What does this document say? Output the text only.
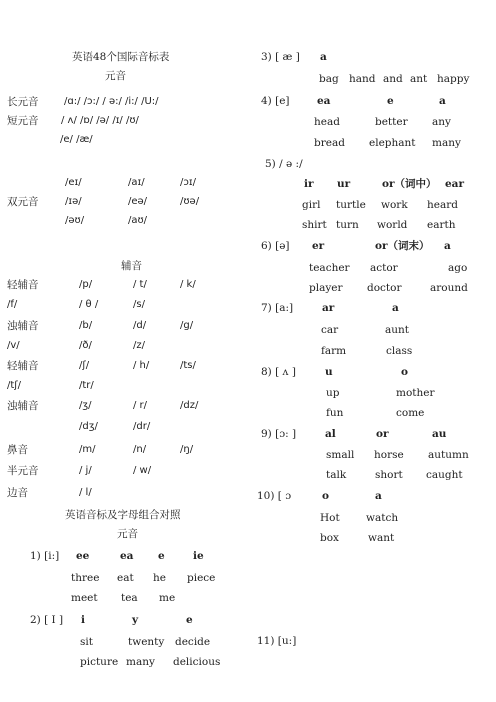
英语48个国际音标表
元音
长元音	/ɑ:/ /ɔ:/ / ə:/ /i:/ /U:/
短元音 / ʌ/ /ɒ/ /ə/ /ɪ/ /ʊ/
/e/ /æ/
/eɪ/	/aɪ/	/ɔɪ/
双元音	/ɪə/	/eə/	/ʊə/
/əʊ/	/aʊ/
辅音
轻辅音	/p/	/ t/	/ k/
/f/	/ θ /	/s/
浊辅音	/b/	/d/	/g/
/v/	/ð/	/z/
轻辅音	/ʃ/	/ h/	/ts/
/tʃ/	/tr/
浊辅音	/ʒ/	/ r/	/dz/
/dʒ/	/dr/
鼻音	/m/	/n/	/ŋ/
半元音	/ j/	/ w/
边音	/ l/
英语音标及字母组合对照
元音
1) [i:] ee	ea e	ie
three eat he piece
meet tea me
2) [ I ] i	y	e
sit	twenty decide
picture many delicious
3) [ æ ] a
bag hand and ant happy
4) [e]	ea	e	a
head	better any
bread elephant many
5) / ə :/
ir ur	or（词中） ear
girl turtle work heard
shirt turn world earth
6) [ə] er	or（词末） a
teacher actor	ago
player doctor	around
7) [a:]	ar	a
car	aunt
farm	class
8) [ ʌ ]	u	o
up	mother
fun	come
9) [ɔ: ]	al	or	au
small horse autumn
talk	short caught
10) [ ɔ	o	a
Hot	watch
box	want
11) [u:]
